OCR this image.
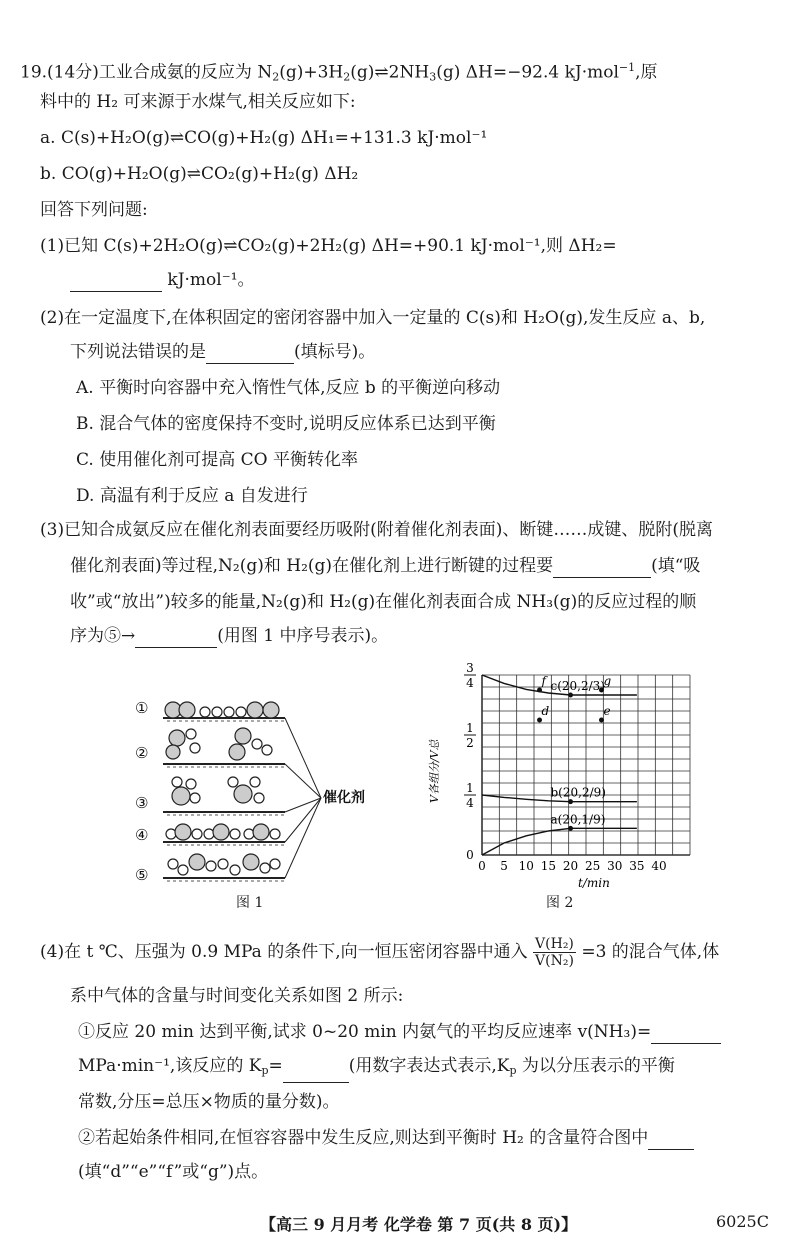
19.(14分)工业合成氨的反应为 $N_2(g)+3H_2(g)\rightleftharpoons 2NH_3(g)$ ΔH=−92.4 kJ·mol$^{-1}$,原
料中的 H₂ 可来源于水煤气,相关反应如下:
a. C(s)+H₂O(g)⇌CO(g)+H₂(g) ΔH₁=+131.3 kJ·mol⁻¹
b. CO(g)+H₂O(g)⇌CO₂(g)+H₂(g) ΔH₂
回答下列问题:
(1)已知 C(s)+2H₂O(g)⇌CO₂(g)+2H₂(g) ΔH=+90.1 kJ·mol⁻¹,则 ΔH₂=
kJ·mol⁻¹。
(2)在一定温度下,在体积固定的密闭容器中加入一定量的 C(s)和 H₂O(g),发生反应 a、b,
下列说法错误的是	(填标号)。
A. 平衡时向容器中充入惰性气体,反应 b 的平衡逆向移动
B. 混合气体的密度保持不变时,说明反应体系已达到平衡
C. 使用催化剂可提高 CO 平衡转化率
D. 高温有利于反应 a 自发进行
(3)已知合成氨反应在催化剂表面要经历吸附(附着催化剂表面)、断键……成键、脱附(脱离
催化剂表面)等过程,N₂(g)和 H₂(g)在催化剂上进行断键的过程要	(填“吸
收”或“放出”)较多的能量,N₂(g)和 H₂(g)在催化剂表面合成 NH₃(g)的反应过程的顺
序为⑤→	(用图 1 中序号表示)。
①
②
③
④
⑤
催化剂
图 1
f	g
c(20,2/3)
d	e
b(20,2/9)
a(20,1/9)
0
1
4
1
2
3
4
0 5 10 15 20 25 30 35 40
V各组分/V总
t/min
图 2
(4)在 t ℃、压强为 0.9 MPa 的条件下,向一恒压密闭容器中通入 $\frac{\text{V(H₂)}}{\text{V(N₂)}} =3$ 的混合气体,体
系中气体的含量与时间变化关系如图 2 所示:
①反应 20 min 达到平衡,试求 0~20 min 内氨气的平均反应速率 v(NH₃)=
MPa·min⁻¹,该反应的 $K_p=$	(用数字表达式表示$,K_p$ 为以分压表示的平衡
常数,分压=总压×物质的量分数)。
②若起始条件相同,在恒容容器中发生反应,则达到平衡时 H₂ 的含量符合图中
(填“d”“e”“f”或“g”)点。
【高三 9 月月考 化学卷 第 7 页(共 8 页)】	6025C
